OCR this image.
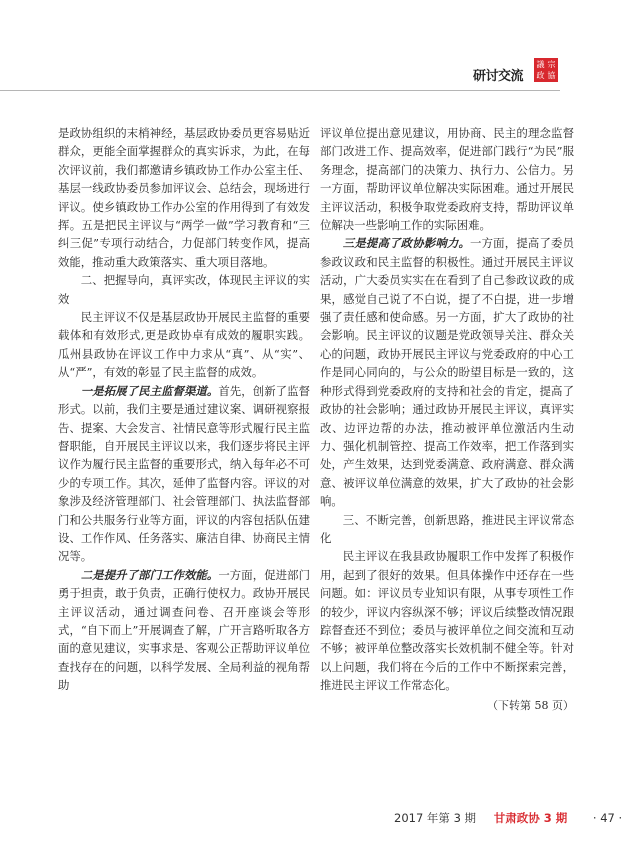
研讨交流
議 宗
政 協

是政协组织的末梢神经，基层政协委员更容易贴近群众，更能全面掌握群众的真实诉求，为此，在每次评议前，我们都邀请乡镇政协工作办公室主任、基层一线政协委员参加评议会、总结会，现场进行评议。使乡镇政协工作办公室的作用得到了有效发挥。五是把民主评议与“两学一做”学习教育和“三纠三促”专项行动结合，力促部门转变作风，提高效能，推动重大政策落实、重大项目落地。

二、把握导向，真评实改，体现民主评议的实效

民主评议不仅是基层政协开展民主监督的重要载体和有效形式,更是政协卓有成效的履职实践。瓜州县政协在评议工作中力求从“真”、从“实”、从“严”，有效的彰显了民主监督的成效。

一是拓展了民主监督渠道。首先，创新了监督形式。以前，我们主要是通过建议案、调研视察报告、提案、大会发言、社情民意等形式履行民主监督职能，自开展民主评议以来，我们逐步将民主评议作为履行民主监督的重要形式，纳入每年必不可少的专项工作。其次，延伸了监督内容。评议的对象涉及经济管理部门、社会管理部门、执法监督部门和公共服务行业等方面，评议的内容包括队伍建设、工作作风、任务落实、廉洁自律、协商民主情况等。

二是提升了部门工作效能。一方面，促进部门勇于担责，敢于负责，正确行使权力。政协开展民主评议活动，通过调查问卷、召开座谈会等形式，“自下而上”开展调查了解，广开言路听取各方面的意见建议，实事求是、客观公正帮助评议单位查找存在的问题，以科学发展、全局利益的视角帮助

评议单位提出意见建议，用协商、民主的理念监督部门改进工作、提高效率，促进部门践行“为民”服务理念，提高部门的决策力、执行力、公信力。另一方面，帮助评议单位解决实际困难。通过开展民主评议活动，积极争取党委政府支持，帮助评议单位解决一些影响工作的实际困难。

三是提高了政协影响力。一方面，提高了委员参政议政和民主监督的积极性。通过开展民主评议活动，广大委员实实在在看到了自己参政议政的成果，感觉自己说了不白说，提了不白提，进一步增强了责任感和使命感。另一方面，扩大了政协的社会影响。民主评议的议题是党政领导关注、群众关心的问题，政协开展民主评议与党委政府的中心工作是同心同向的，与公众的盼望目标是一致的，这种形式得到党委政府的支持和社会的肯定，提高了政协的社会影响；通过政协开展民主评议，真评实改、边评边帮的办法，推动被评单位激活内生动力、强化机制管控、提高工作效率，把工作落到实处，产生效果，达到党委满意、政府满意、群众满意、被评议单位满意的效果，扩大了政协的社会影响。

三、不断完善，创新思路，推进民主评议常态化

民主评议在我县政协履职工作中发挥了积极作用，起到了很好的效果。但具体操作中还存在一些问题。如：评议员专业知识有限，从事专项性工作的较少，评议内容纵深不够；评议后续整改情况跟踪督查还不到位；委员与被评单位之间交流和互动不够；被评单位整改落实长效机制不健全等。针对以上问题，我们将在今后的工作中不断探索完善，推进民主评议工作常态化。

（下转第 58 页）

2017 年第 3 期 甘肃政协 3 期 · 47 ·
